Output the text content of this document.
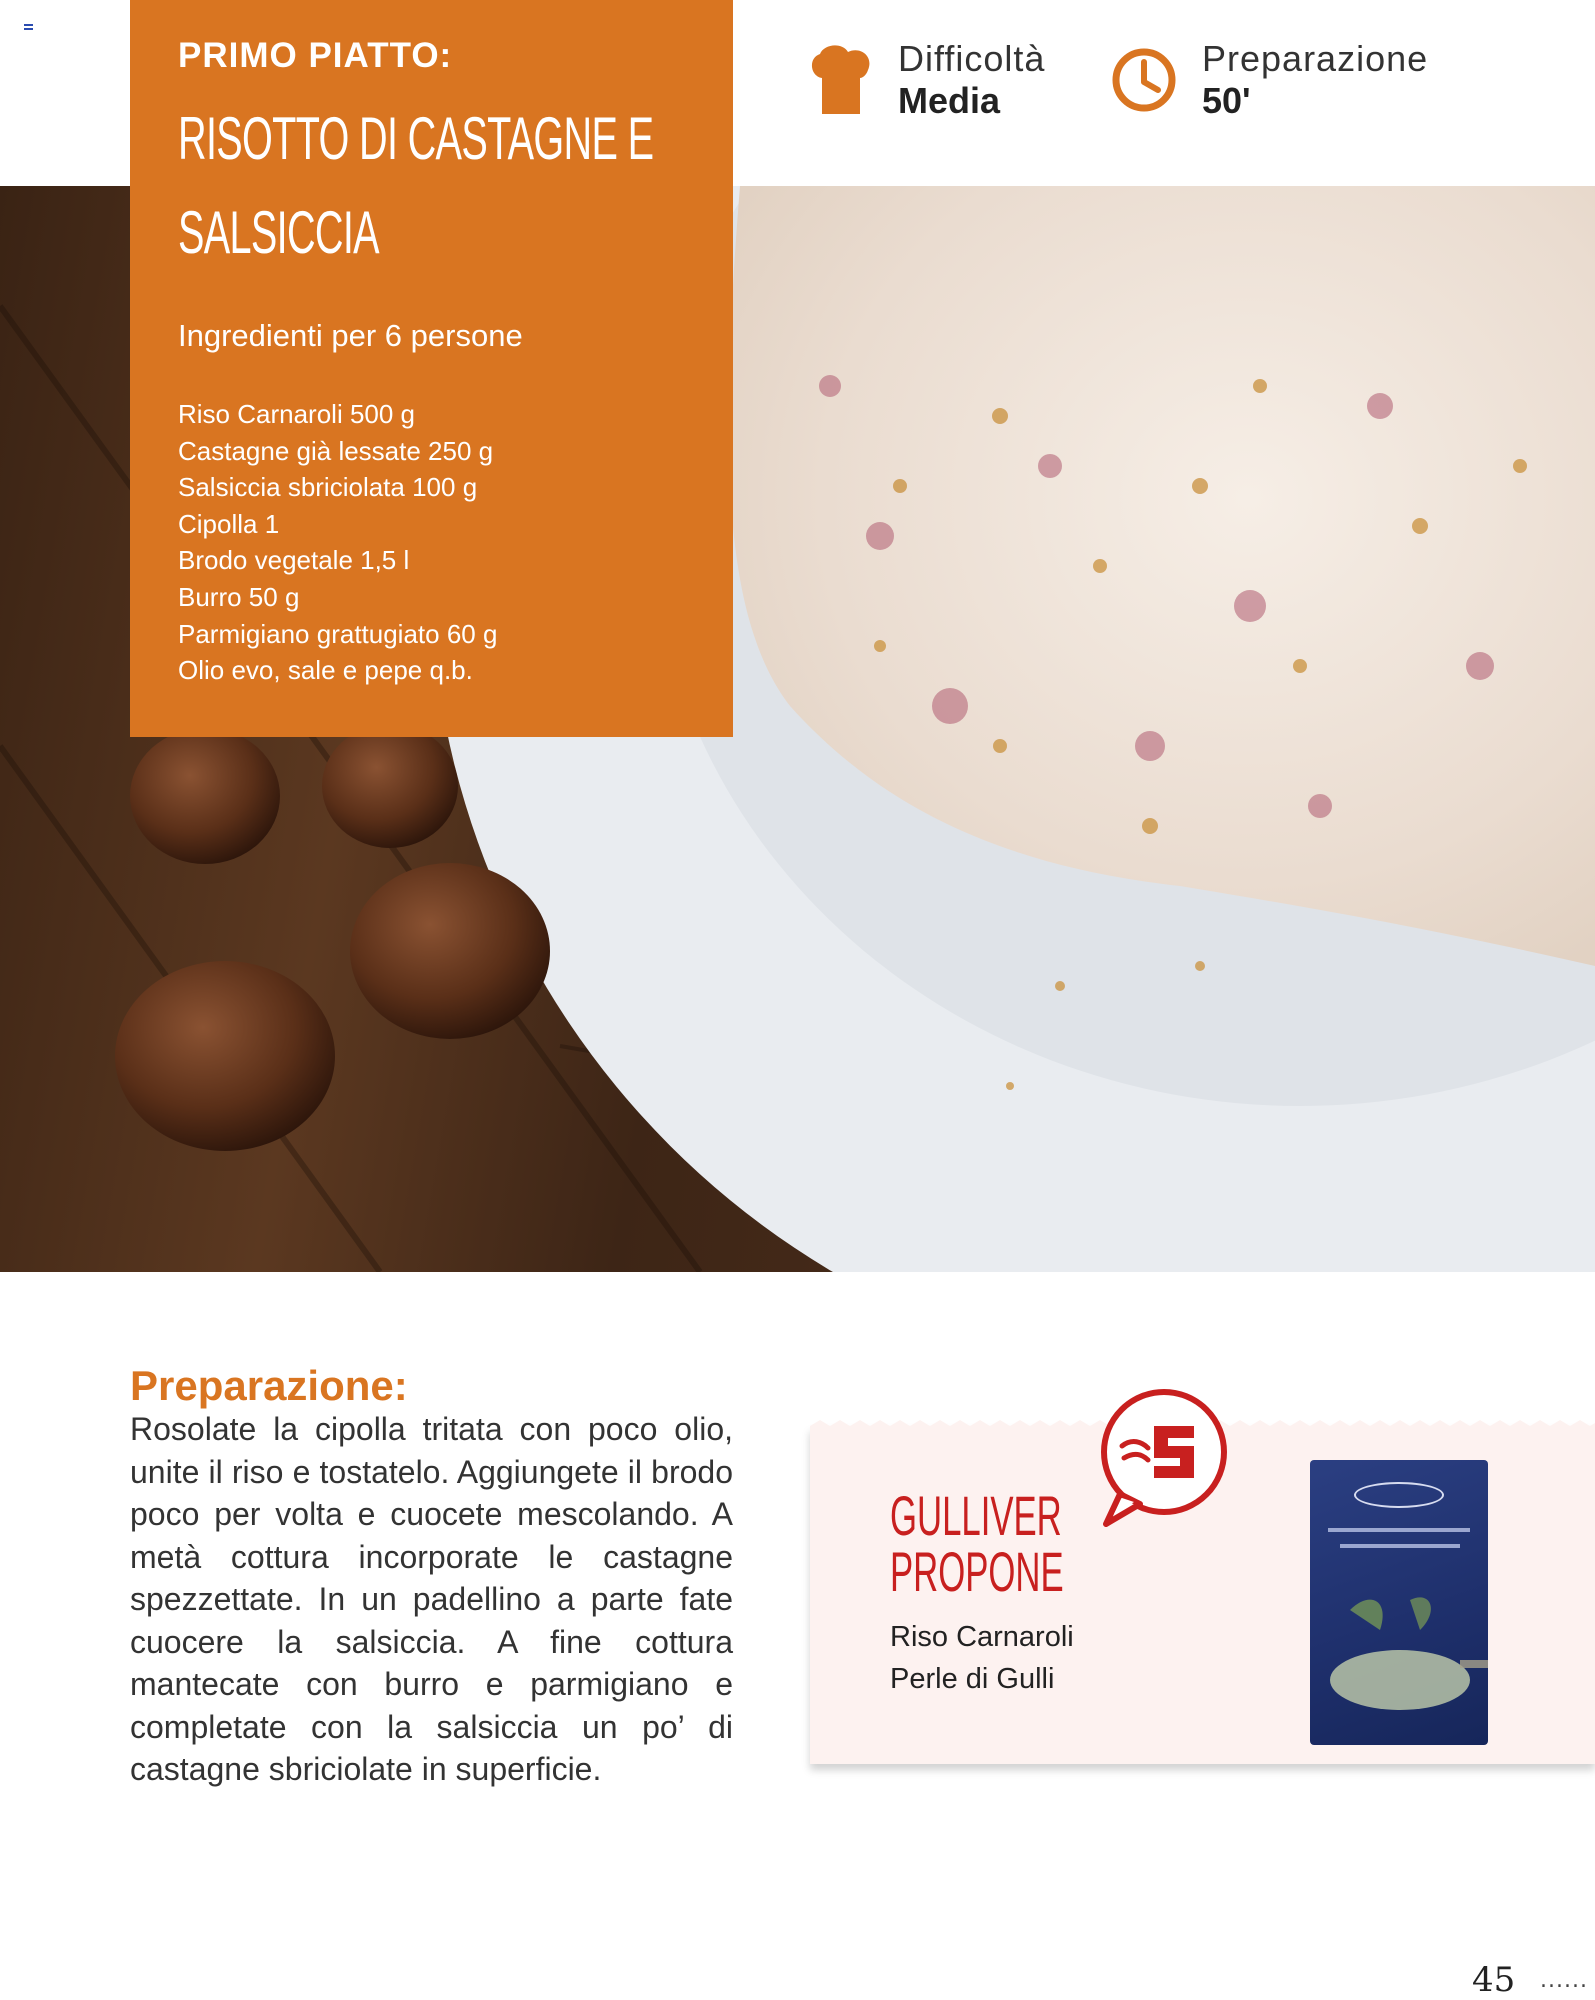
PRIMO PIATTO:
RISOTTO DI CASTAGNE E
SALSICCIA
Ingredienti per 6 persone
Riso Carnaroli 500 g
Castagne già lessate 250 g
Salsiccia sbriciolata 100 g
Cipolla 1
Brodo vegetale 1,5 l
Burro 50 g
Parmigiano grattugiato 60 g
Olio evo, sale e pepe q.b.
Difficoltà
Media
Preparazione
50'
Preparazione:
Rosolate la cipolla tritata con poco olio, unite il riso e tostatelo. Aggiungete il brodo poco per volta e cuocete mescolando. A metà cottura incorporate le castagne spezzettate. In un padellino a parte fate cuocere la salsiccia. A fine cottura mantecate con burro e parmigiano e completate con la salsiccia un po’ di castagne sbriciolate in superficie.
GULLIVER
PROPONE
Riso Carnaroli
Perle di Gulli
45 ......
